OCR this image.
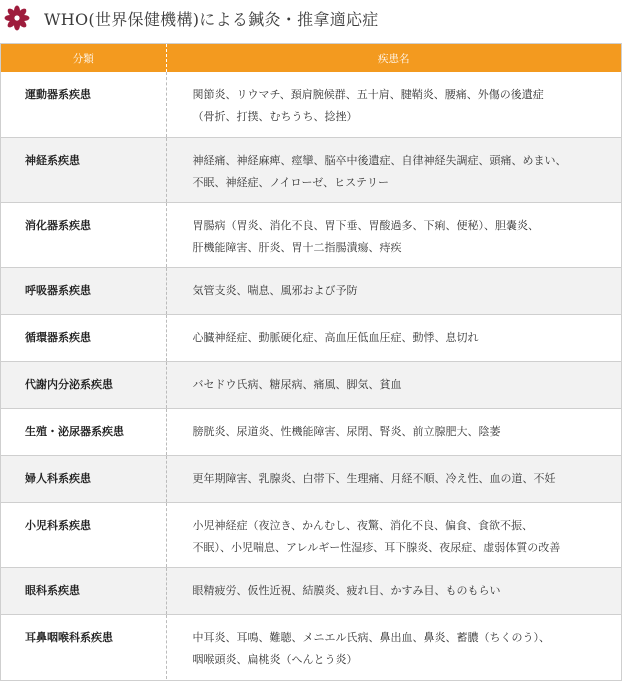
WHO(世界保健機構)による鍼灸・推拿適応症
分類	疾患名
運動器系疾患	関節炎、リウマチ、頚肩腕候群、五十肩、腱鞘炎、腰痛、外傷の後遺症
（骨折、打撲、むちうち、捻挫）

神経系疾患	神経痛、神経麻痺、痙攣、脳卒中後遺症、自律神経失調症、頭痛、めまい、
不眠、神経症、ノイローゼ、ヒステリー

消化器系疾患	胃腸病（胃炎、消化不良、胃下垂、胃酸過多、下痢、便秘）、胆嚢炎、
肝機能障害、肝炎、胃十二指腸潰瘍、痔疾

呼吸器系疾患	気管支炎、喘息、風邪および予防

循環器系疾患	心臓神経症、動脈硬化症、高血圧低血圧症、動悸、息切れ

代謝内分泌系疾患	バセドウ氏病、糖尿病、痛風、脚気、貧血

生殖・泌尿器系疾患	膀胱炎、尿道炎、性機能障害、尿閉、腎炎、前立腺肥大、陰萎

婦人科系疾患	更年期障害、乳腺炎、白帯下、生理痛、月経不順、冷え性、血の道、不妊

小児科系疾患	小児神経症（夜泣き、かんむし、夜驚、消化不良、偏食、食欲不振、
不眠）、小児喘息、アレルギー性湿疹、耳下腺炎、夜尿症、虚弱体質の改善

眼科系疾患	眼精疲労、仮性近視、結膜炎、疲れ目、かすみ目、ものもらい

耳鼻咽喉科系疾患	中耳炎、耳鳴、難聴、メニエル氏病、鼻出血、鼻炎、蓄膿（ちくのう）、
咽喉頭炎、扁桃炎（へんとう炎）
